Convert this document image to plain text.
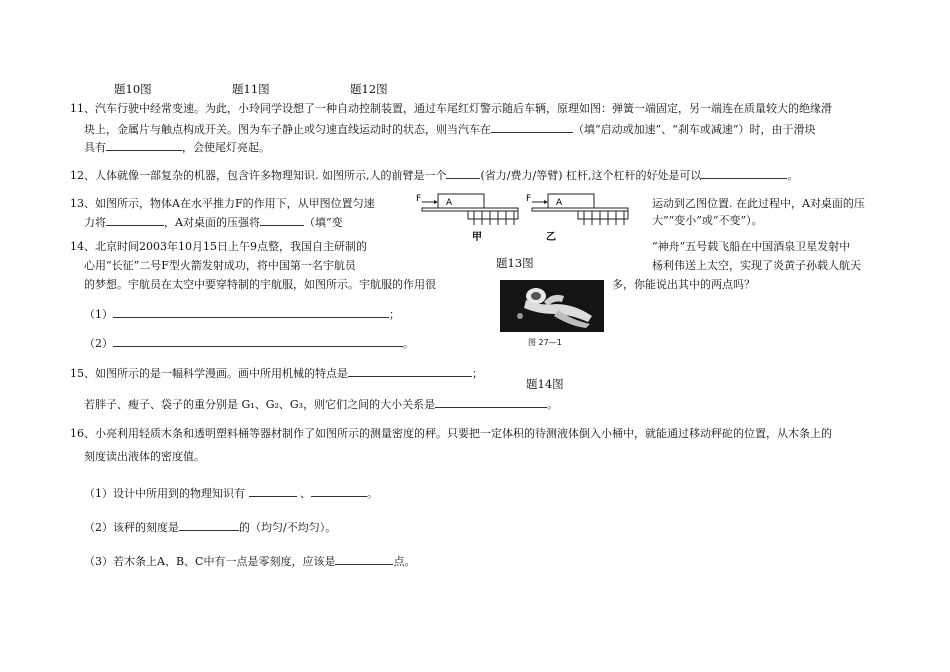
题10图	题11图	题12图
11、汽车行驶中经常变速。为此，小玲同学设想了一种自动控制装置，通过车尾红灯警示随后车辆，原理如图：弹簧一端固定，另一端连在质量较大的绝缘滑
块上，金属片与触点构成开关。图为车子静止或匀速直线运动时的状态，则当汽车在	（填“启动或加速”、“刹车或减速”）时，由于滑块
具有	，会使尾灯亮起。
12、人体就像一部复杂的机器，包含许多物理知识. 如图所示,人的前臂是一个	(省力/费力/等臂) 杠杆,这个杠杆的好处是可以	。
13、如图所示，物体A在水平推力F的作用下，从甲图位置匀速	运动到乙图位置. 在此过程中，A对桌面的压
力将	，A对桌面的压强将	（填“变	大”“变小”或“不变”）。
F	A
甲
F	A
乙
14、北京时间2003年10月15日上午9点整，我国自主研制的	“神舟”五号载飞船在中国酒泉卫星发射中
题13图
心用“长征”二号F型火箭发射成功，将中国第一名宇航员	杨利伟送上太空，实现了炎黄子孙载人航天
的梦想。宇航员在太空中要穿特制的宇航服，如图所示。宇航服的作用很	多，你能说出其中的两点吗？
图 27—1
（1）	；
（2）	。
15、如图所示的是一幅科学漫画。画中所用机械的特点是	；
题14图
若胖子、瘦子、袋子的重分别是 G₁、G₂、G₃，则它们之间的大小关系是	。
16、小亮利用轻质木条和透明塑料桶等器材制作了如图所示的测量密度的秤。只要把一定体积的待测液体倒入小桶中，就能通过移动秤砣的位置，从木条上的
刻度读出液体的密度值。
（1）设计中所用到的物理知识有	、	。
（2）该秤的刻度是	的（均匀/不均匀）。
（3）若木条上A、B、C中有一点是零刻度，应该是	点。
